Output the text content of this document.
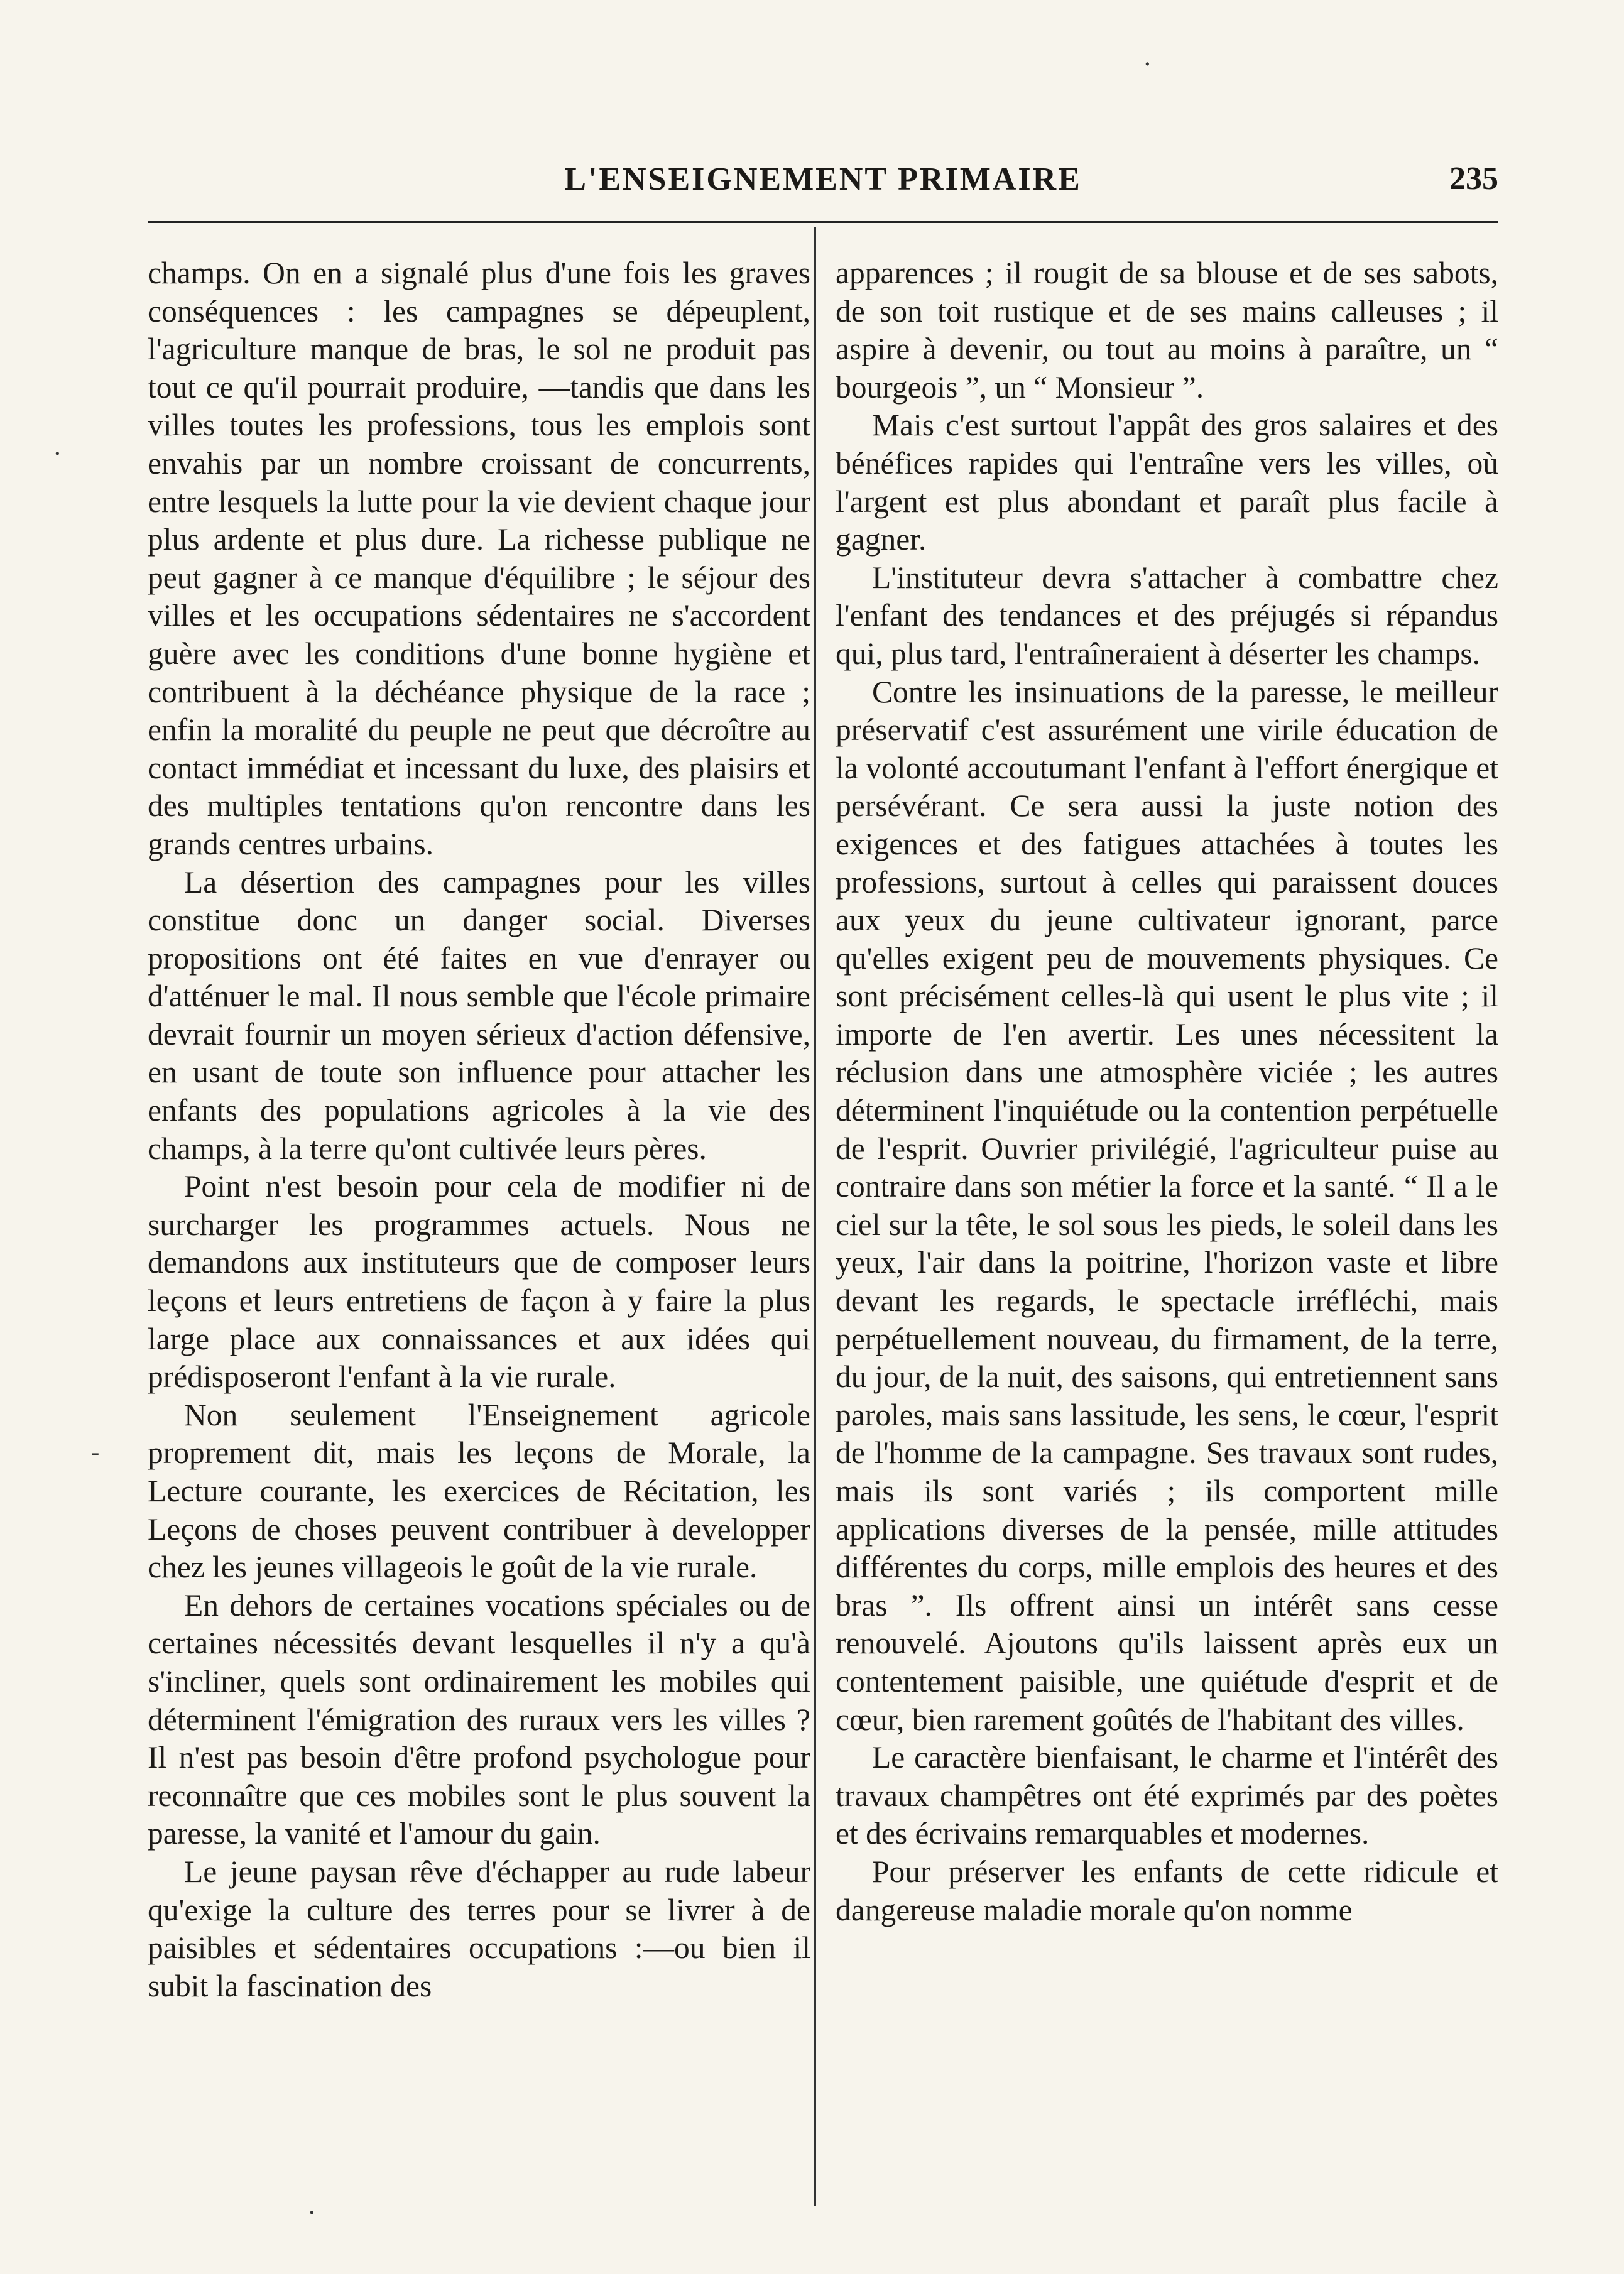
L'ENSEIGNEMENT PRIMAIRE	235

champs. On en a signalé plus d'une fois les graves conséquences : les campagnes se dépeuplent, l'agriculture manque de bras, le sol ne produit pas tout ce qu'il pourrait produire, —tandis que dans les villes toutes les professions, tous les emplois sont envahis par un nombre croissant de concurrents, entre lesquels la lutte pour la vie devient chaque jour plus ardente et plus dure. La richesse publique ne peut gagner à ce manque d'équilibre ; le séjour des villes et les occupations sédentaires ne s'accordent guère avec les conditions d'une bonne hygiène et contribuent à la déchéance physique de la race ; enfin la moralité du peuple ne peut que décroître au contact immédiat et incessant du luxe, des plaisirs et des multiples tentations qu'on rencontre dans les grands centres urbains.

La désertion des campagnes pour les villes constitue donc un danger social. Diverses propositions ont été faites en vue d'enrayer ou d'atténuer le mal. Il nous semble que l'école primaire devrait fournir un moyen sérieux d'action défensive, en usant de toute son influence pour attacher les enfants des populations agricoles à la vie des champs, à la terre qu'ont cultivée leurs pères.

Point n'est besoin pour cela de modifier ni de surcharger les programmes actuels. Nous ne demandons aux instituteurs que de composer leurs leçons et leurs entretiens de façon à y faire la plus large place aux connaissances et aux idées qui prédisposeront l'enfant à la vie rurale.

Non seulement l'Enseignement agricole proprement dit, mais les leçons de Morale, la Lecture courante, les exercices de Récitation, les Leçons de choses peuvent contribuer à developper chez les jeunes villageois le goût de la vie rurale.

En dehors de certaines vocations spéciales ou de certaines nécessités devant lesquelles il n'y a qu'à s'incliner, quels sont ordinairement les mobiles qui déterminent l'émigration des ruraux vers les villes ? Il n'est pas besoin d'être profond psychologue pour reconnaître que ces mobiles sont le plus souvent la paresse, la vanité et l'amour du gain.

Le jeune paysan rêve d'échapper au rude labeur qu'exige la culture des terres pour se livrer à de paisibles et sédentaires occupations :—ou bien il subit la fascination des

apparences ; il rougit de sa blouse et de ses sabots, de son toit rustique et de ses mains calleuses ; il aspire à devenir, ou tout au moins à paraître, un “ bourgeois ”, un “ Monsieur ”.

Mais c'est surtout l'appât des gros salaires et des bénéfices rapides qui l'entraîne vers les villes, où l'argent est plus abondant et paraît plus facile à gagner.

L'instituteur devra s'attacher à combattre chez l'enfant des tendances et des préjugés si répandus qui, plus tard, l'entraîneraient à déserter les champs.

Contre les insinuations de la paresse, le meilleur préservatif c'est assurément une virile éducation de la volonté accoutumant l'enfant à l'effort énergique et persévérant. Ce sera aussi la juste notion des exigences et des fatigues attachées à toutes les professions, surtout à celles qui paraissent douces aux yeux du jeune cultivateur ignorant, parce qu'elles exigent peu de mouvements physiques. Ce sont précisément celles-là qui usent le plus vite ; il importe de l'en avertir. Les unes nécessitent la réclusion dans une atmosphère viciée ; les autres déterminent l'inquiétude ou la contention perpétuelle de l'esprit. Ouvrier privilégié, l'agriculteur puise au contraire dans son métier la force et la santé. “ Il a le ciel sur la tête, le sol sous les pieds, le soleil dans les yeux, l'air dans la poitrine, l'horizon vaste et libre devant les regards, le spectacle irréfléchi, mais perpétuellement nouveau, du firmament, de la terre, du jour, de la nuit, des saisons, qui entretiennent sans paroles, mais sans lassitude, les sens, le cœur, l'esprit de l'homme de la campagne. Ses travaux sont rudes, mais ils sont variés ; ils comportent mille applications diverses de la pensée, mille attitudes différentes du corps, mille emplois des heures et des bras ”. Ils offrent ainsi un intérêt sans cesse renouvelé. Ajoutons qu'ils laissent après eux un contentement paisible, une quiétude d'esprit et de cœur, bien rarement goûtés de l'habitant des villes.

Le caractère bienfaisant, le charme et l'intérêt des travaux champêtres ont été exprimés par des poètes et des écrivains remarquables et modernes.

Pour préserver les enfants de cette ridicule et dangereuse maladie morale qu'on nomme

·
·
-
·
